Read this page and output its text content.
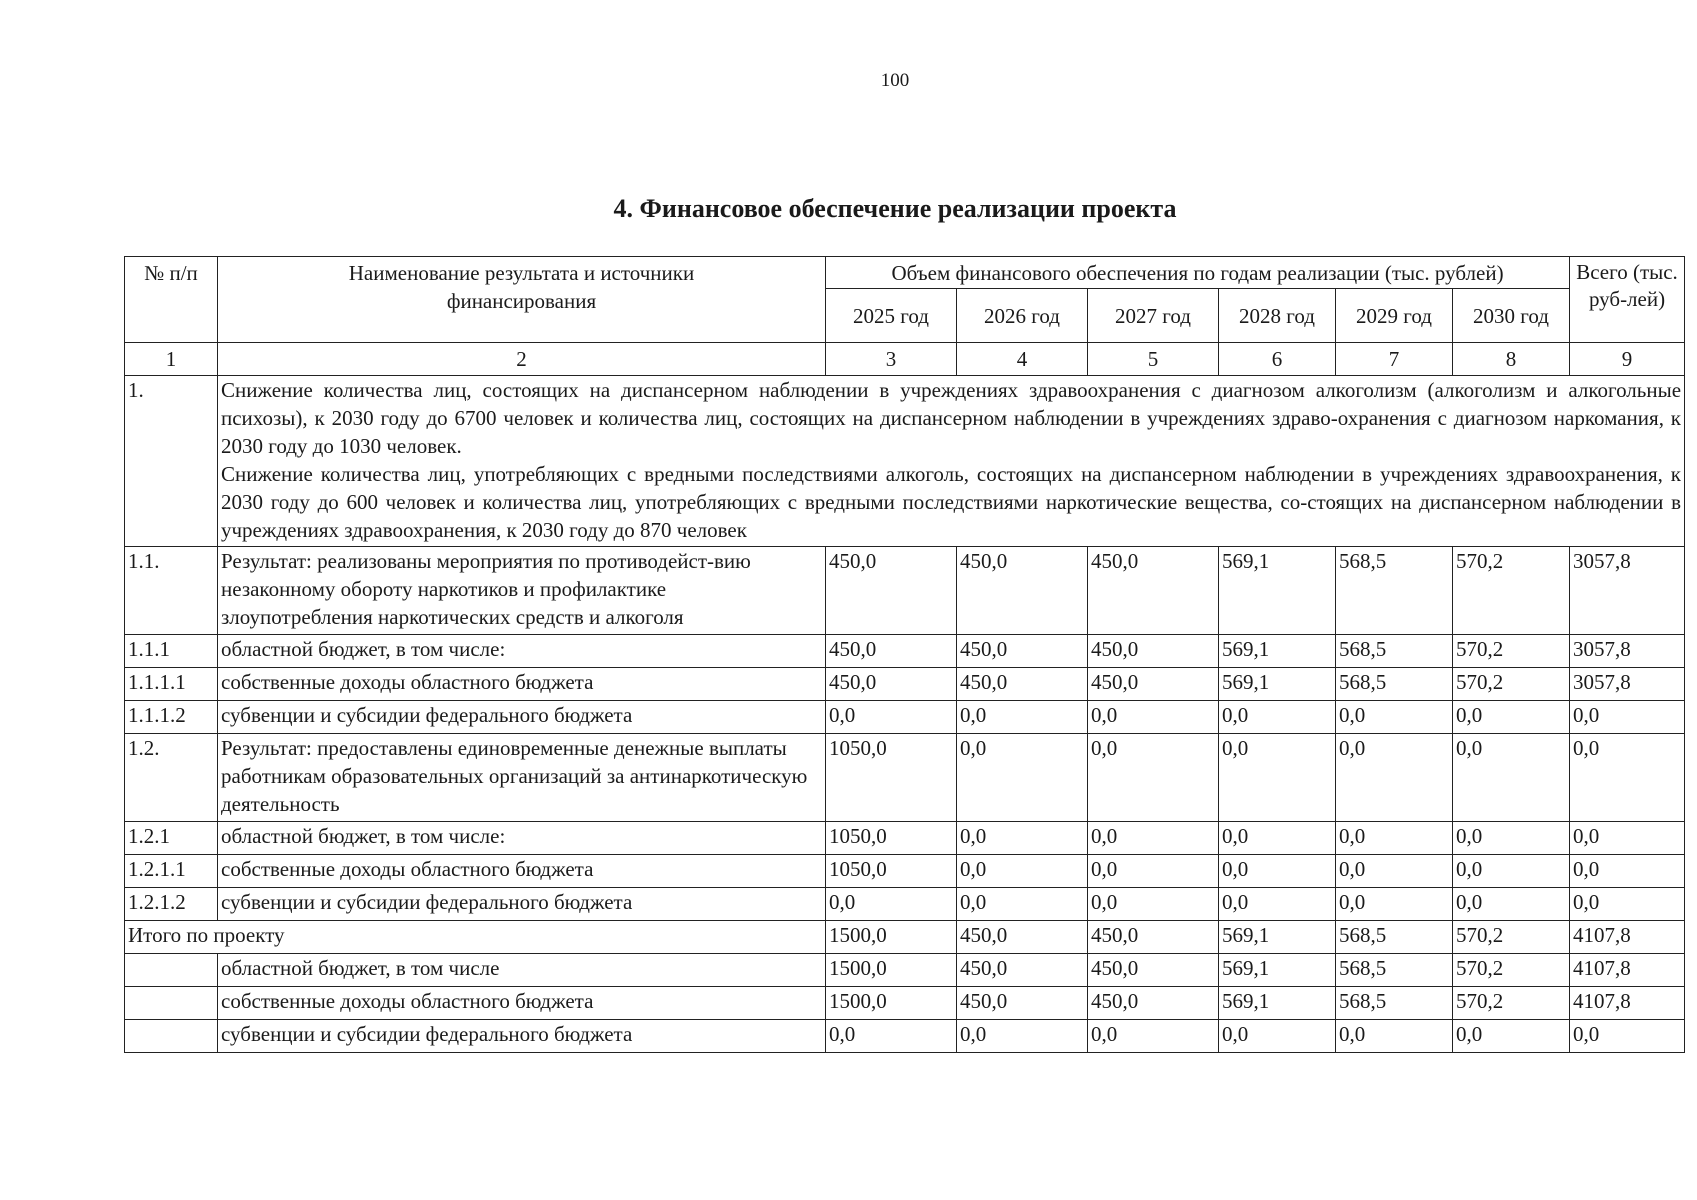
100
4. Финансовое обеспечение реализации проекта
№ п/п	Наименование результата и источники финансирования	Объем финансового обеспечения по годам реализации (тыс. рублей)						Всего (тыс. руб-лей)
		2025 год	2026 год	2027 год	2028 год	2029 год	2030 год	
1	2	3	4	5	6	7	8	9
1.	Снижение количества лиц, состоящих на диспансерном наблюдении в учреждениях здравоохранения с диагнозом алкоголизм (алкоголизм и алкогольные психозы), к 2030 году до 6700 человек и количества лиц, состоящих на диспансерном наблюдении в учреждениях здраво-охранения с диагнозом наркомания, к 2030 году до 1030 человек.
Снижение количества лиц, употребляющих с вредными последствиями алкоголь, состоящих на диспансерном наблюдении в учреждениях здравоохранения, к 2030 году до 600 человек и количества лиц, употребляющих с вредными последствиями наркотические вещества, со-стоящих на диспансерном наблюдении в учреждениях здравоохранения, к 2030 году до 870 человек							

1.1.	Результат: реализованы мероприятия по противодейст-вию незаконному обороту наркотиков и профилактике злоупотребления наркотических средств и алкоголя	450,0	450,0	450,0	569,1	568,5	570,2	3057,8
1.1.1	областной бюджет, в том числе:	450,0	450,0	450,0	569,1	568,5	570,2	3057,8
1.1.1.1	собственные доходы областного бюджета	450,0	450,0	450,0	569,1	568,5	570,2	3057,8
1.1.1.2	субвенции и субсидии федерального бюджета	0,0	0,0	0,0	0,0	0,0	0,0	0,0
1.2.	Результат: предоставлены единовременные денежные выплаты работникам образовательных организаций за антинаркотическую деятельность	1050,0	0,0	0,0	0,0	0,0	0,0	0,0
1.2.1	областной бюджет, в том числе:	1050,0	0,0	0,0	0,0	0,0	0,0	0,0
1.2.1.1	собственные доходы областного бюджета	1050,0	0,0	0,0	0,0	0,0	0,0	0,0
1.2.1.2	субвенции и субсидии федерального бюджета	0,0	0,0	0,0	0,0	0,0	0,0	0,0
Итого по проекту		1500,0	450,0	450,0	569,1	568,5	570,2	4107,8
	областной бюджет, в том числе	1500,0	450,0	450,0	569,1	568,5	570,2	4107,8
	собственные доходы областного бюджета	1500,0	450,0	450,0	569,1	568,5	570,2	4107,8
	субвенции и субсидии федерального бюджета	0,0	0,0	0,0	0,0	0,0	0,0	0,0
